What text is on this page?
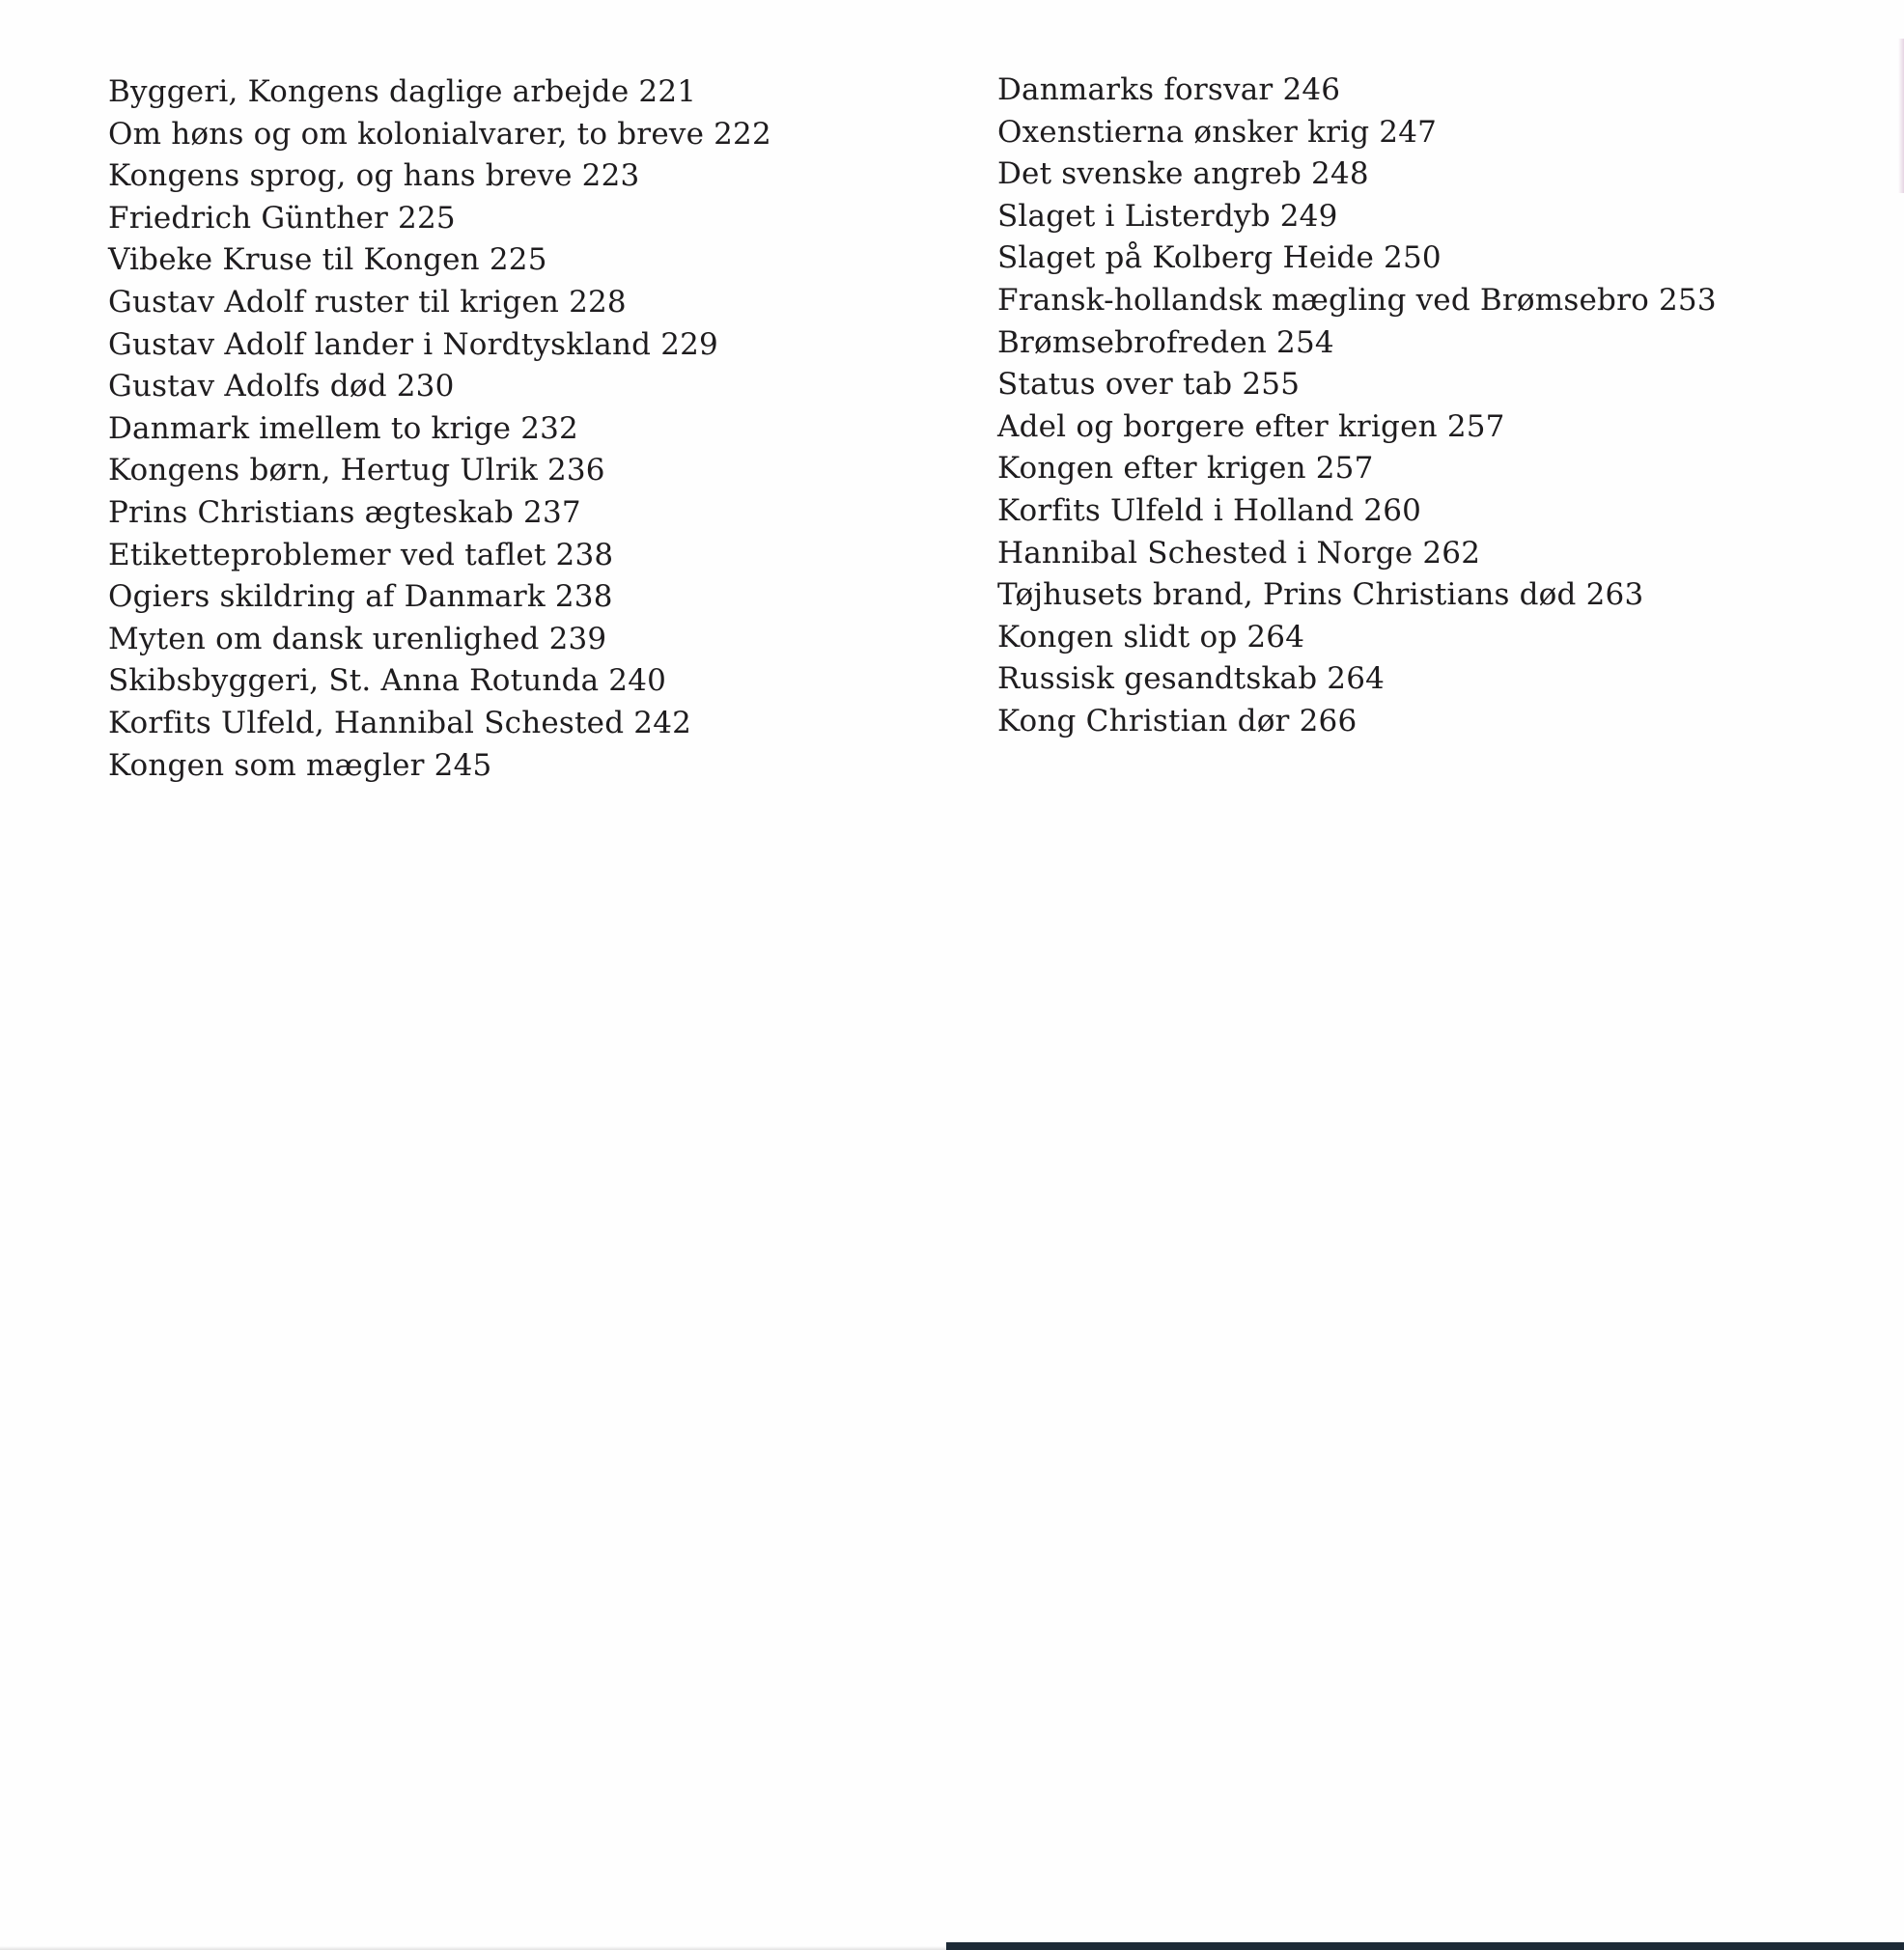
Byggeri, Kongens daglige arbejde 221
Om høns og om kolonialvarer, to breve 222
Kongens sprog, og hans breve 223
Friedrich Günther 225
Vibeke Kruse til Kongen 225
Gustav Adolf ruster til krigen 228
Gustav Adolf lander i Nordtyskland 229
Gustav Adolfs død 230
Danmark imellem to krige 232
Kongens børn, Hertug Ulrik 236
Prins Christians ægteskab 237
Etiketteproblemer ved taflet 238
Ogiers skildring af Danmark 238
Myten om dansk urenlighed 239
Skibsbyggeri, St. Anna Rotunda 240
Korfits Ulfeld, Hannibal Schested 242
Kongen som mægler 245
Danmarks forsvar 246
Oxenstierna ønsker krig 247
Det svenske angreb 248
Slaget i Listerdyb 249
Slaget på Kolberg Heide 250
Fransk-hollandsk mægling ved Brømsebro 253
Brømsebrofreden 254
Status over tab 255
Adel og borgere efter krigen 257
Kongen efter krigen 257
Korfits Ulfeld i Holland 260
Hannibal Schested i Norge 262
Tøjhusets brand, Prins Christians død 263
Kongen slidt op 264
Russisk gesandtskab 264
Kong Christian dør 266
